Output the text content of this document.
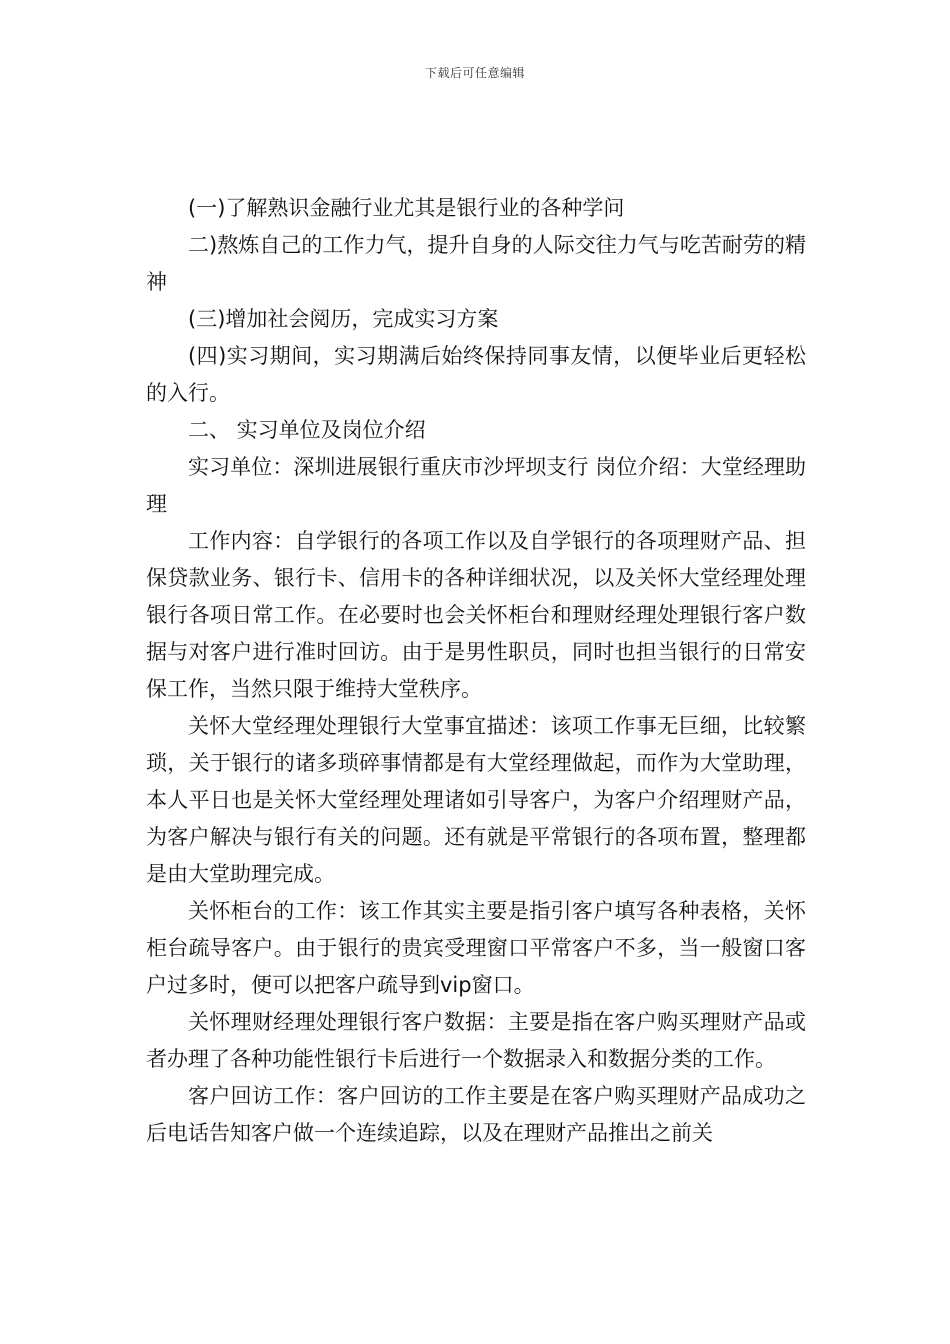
下载后可任意编辑

(一)了解熟识金融行业尤其是银行业的各种学问

二)熬炼自己的工作力气，提升自身的人际交往力气与吃苦耐劳的精神

(三)增加社会阅历，完成实习方案

(四)实习期间，实习期满后始终保持同事友情，以便毕业后更轻松的入行。

二、 实习单位及岗位介绍

实习单位：深圳进展银行重庆市沙坪坝支行 岗位介绍：大堂经理助理

工作内容：自学银行的各项工作以及自学银行的各项理财产品、担保贷款业务、银行卡、信用卡的各种详细状况，以及关怀大堂经理处理银行各项日常工作。在必要时也会关怀柜台和理财经理处理银行客户数据与对客户进行准时回访。由于是男性职员，同时也担当银行的日常安保工作，当然只限于维持大堂秩序。

关怀大堂经理处理银行大堂事宜描述：该项工作事无巨细，比较繁琐，关于银行的诸多琐碎事情都是有大堂经理做起，而作为大堂助理，本人平日也是关怀大堂经理处理诸如引导客户，为客户介绍理财产品，为客户解决与银行有关的问题。还有就是平常银行的各项布置，整理都是由大堂助理完成。

关怀柜台的工作：该工作其实主要是指引客户填写各种表格，关怀柜台疏导客户。由于银行的贵宾受理窗口平常客户不多，当一般窗口客户过多时，便可以把客户疏导到vip窗口。

关怀理财经理处理银行客户数据：主要是指在客户购买理财产品或者办理了各种功能性银行卡后进行一个数据录入和数据分类的工作。

客户回访工作：客户回访的工作主要是在客户购买理财产品成功之后电话告知客户做一个连续追踪，以及在理财产品推出之前关
